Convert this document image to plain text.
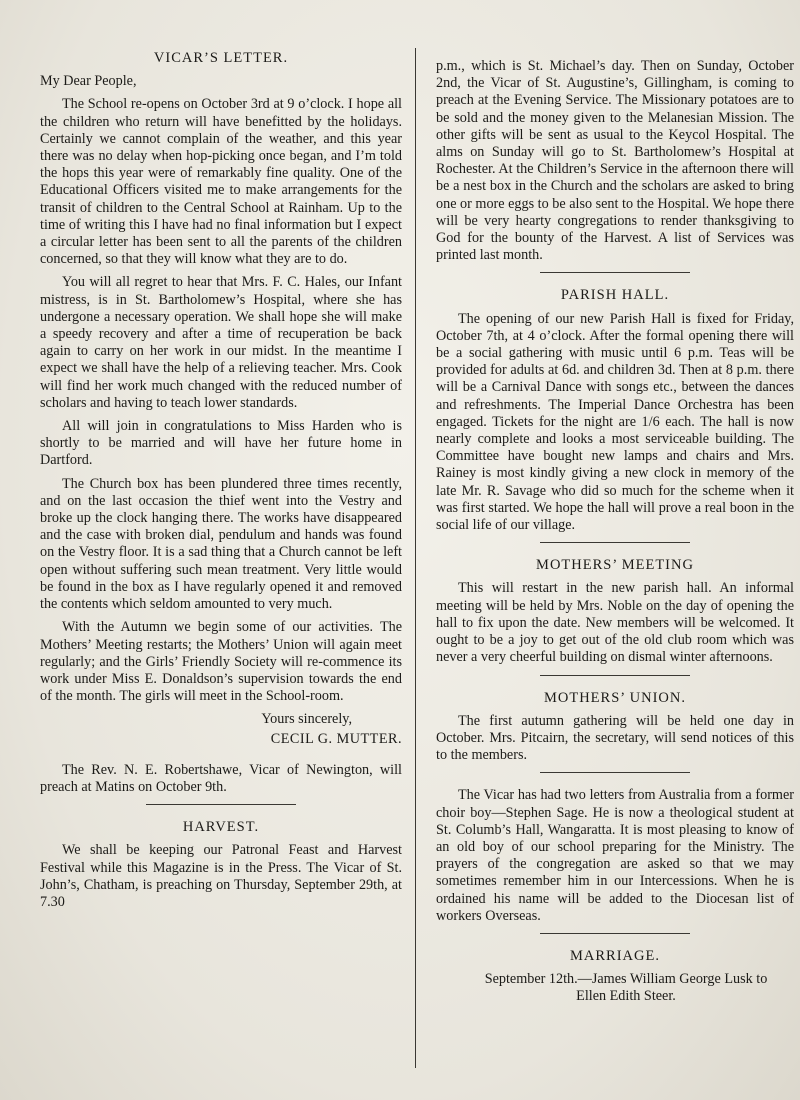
VICAR’S LETTER.

My Dear People,

The School re-opens on October 3rd at 9 o’clock. I hope all the children who return will have benefitted by the holidays. Certainly we cannot complain of the weather, and this year there was no delay when hop-picking once began, and I’m told the hops this year were of remarkably fine quality. One of the Educational Officers visited me to make arrangements for the transit of children to the Central School at Rainham. Up to the time of writing this I have had no final information but I expect a circular letter has been sent to all the parents of the children concerned, so that they will know what they are to do.

You will all regret to hear that Mrs. F. C. Hales, our Infant mistress, is in St. Bartholomew’s Hospital, where she has undergone a necessary operation. We shall hope she will make a speedy recovery and after a time of recuperation be back again to carry on her work in our midst. In the meantime I expect we shall have the help of a relieving teacher. Mrs. Cook will find her work much changed with the reduced number of scholars and having to teach lower standards.

All will join in congratulations to Miss Harden who is shortly to be married and will have her future home in Dartford.

The Church box has been plundered three times recently, and on the last occasion the thief went into the Vestry and broke up the clock hanging there. The works have disappeared and the case with broken dial, pendulum and hands was found on the Vestry floor. It is a sad thing that a Church cannot be left open without suffering such mean treatment. Very little would be found in the box as I have regularly opened it and removed the contents which seldom amounted to very much.

With the Autumn we begin some of our activities. The Mothers’ Meeting restarts; the Mothers’ Union will again meet regularly; and the Girls’ Friendly Society will re-commence its work under Miss E. Donaldson’s supervision towards the end of the month. The girls will meet in the School-room.

Yours sincerely,

CECIL G. MUTTER.

The Rev. N. E. Robertshawe, Vicar of Newington, will preach at Matins on October 9th.

HARVEST.

We shall be keeping our Patronal Feast and Harvest Festival while this Magazine is in the Press. The Vicar of St. John’s, Chatham, is preaching on Thursday, September 29th, at 7.30

p.m., which is St. Michael’s day. Then on Sunday, October 2nd, the Vicar of St. Augustine’s, Gillingham, is coming to preach at the Evening Service. The Missionary potatoes are to be sold and the money given to the Melanesian Mission. The other gifts will be sent as usual to the Keycol Hospital. The alms on Sunday will go to St. Bartholomew’s Hospital at Rochester. At the Children’s Service in the afternoon there will be a nest box in the Church and the scholars are asked to bring one or more eggs to be also sent to the Hospital. We hope there will be very hearty congregations to render thanksgiving to God for the bounty of the Harvest. A list of Services was printed last month.

PARISH HALL.

The opening of our new Parish Hall is fixed for Friday, October 7th, at 4 o’clock. After the formal opening there will be a social gathering with music until 6 p.m. Teas will be provided for adults at 6d. and children 3d. Then at 8 p.m. there will be a Carnival Dance with songs etc., between the dances and refreshments. The Imperial Dance Orchestra has been engaged. Tickets for the night are 1/6 each. The hall is now nearly complete and looks a most serviceable building. The Committee have bought new lamps and chairs and Mrs. Rainey is most kindly giving a new clock in memory of the late Mr. R. Savage who did so much for the scheme when it was first started. We hope the hall will prove a real boon in the social life of our village.

MOTHERS’ MEETING

This will restart in the new parish hall. An informal meeting will be held by Mrs. Noble on the day of opening the hall to fix upon the date. New members will be welcomed. It ought to be a joy to get out of the old club room which was never a very cheerful building on dismal winter afternoons.

MOTHERS’ UNION.

The first autumn gathering will be held one day in October. Mrs. Pitcairn, the secretary, will send notices of this to the members.

The Vicar has had two letters from Australia from a former choir boy—Stephen Sage. He is now a theological student at St. Columb’s Hall, Wangaratta. It is most pleasing to know of an old boy of our school preparing for the Ministry. The prayers of the congregation are asked so that we may sometimes remember him in our Intercessions. When he is ordained his name will be added to the Diocesan list of workers Overseas.

MARRIAGE.

September 12th.—James William George Lusk to

Ellen Edith Steer.
